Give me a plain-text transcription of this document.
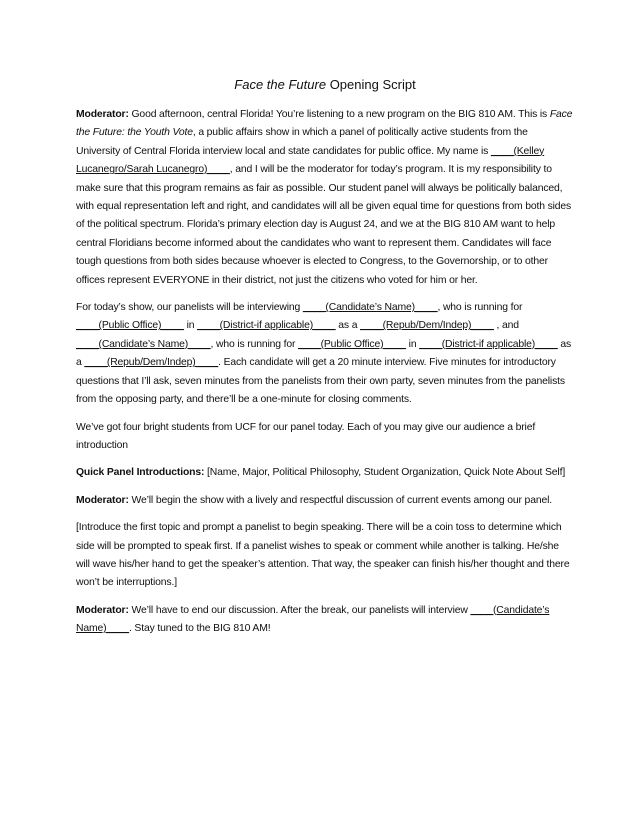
Face the Future Opening Script

Moderator: Good afternoon, central Florida! You’re listening to a new program on the BIG 810 AM. This is Face the Future: the Youth Vote, a public affairs show in which a panel of politically active students from the University of Central Florida interview local and state candidates for public office. My name is ____(Kelley Lucanegro/Sarah Lucanegro)____, and I will be the moderator for today’s program. It is my responsibility to make sure that this program remains as fair as possible. Our student panel will always be politically balanced, with equal representation left and right, and candidates will all be given equal time for questions from both sides of the political spectrum. Florida’s primary election day is August 24, and we at the BIG 810 AM want to help central Floridians become informed about the candidates who want to represent them. Candidates will face tough questions from both sides because whoever is elected to Congress, to the Governorship, or to other offices represent EVERYONE in their district, not just the citizens who voted for him or her.

For today’s show, our panelists will be interviewing ____(Candidate’s Name)____, who is running for ____(Public Office)____ in ____(District-if applicable)____ as a ____(Repub/Dem/Indep)____ , and ____(Candidate’s Name)____, who is running for ____(Public Office)____ in ____(District-if applicable)____ as a ____(Repub/Dem/Indep)____. Each candidate will get a 20 minute interview. Five minutes for introductory questions that I’ll ask, seven minutes from the panelists from their own party, seven minutes from the panelists from the opposing party, and there’ll be a one-minute for closing comments.

We’ve got four bright students from UCF for our panel today. Each of you may give our audience a brief introduction

Quick Panel Introductions: [Name, Major, Political Philosophy, Student Organization, Quick Note About Self]

Moderator: We’ll begin the show with a lively and respectful discussion of current events among our panel.

[Introduce the first topic and prompt a panelist to begin speaking. There will be a coin toss to determine which side will be prompted to speak first. If a panelist wishes to speak or comment while another is talking. He/she will wave his/her hand to get the speaker’s attention. That way, the speaker can finish his/her thought and there won’t be interruptions.]

Moderator: We’ll have to end our discussion. After the break, our panelists will interview ____(Candidate’s Name)____. Stay tuned to the BIG 810 AM!
